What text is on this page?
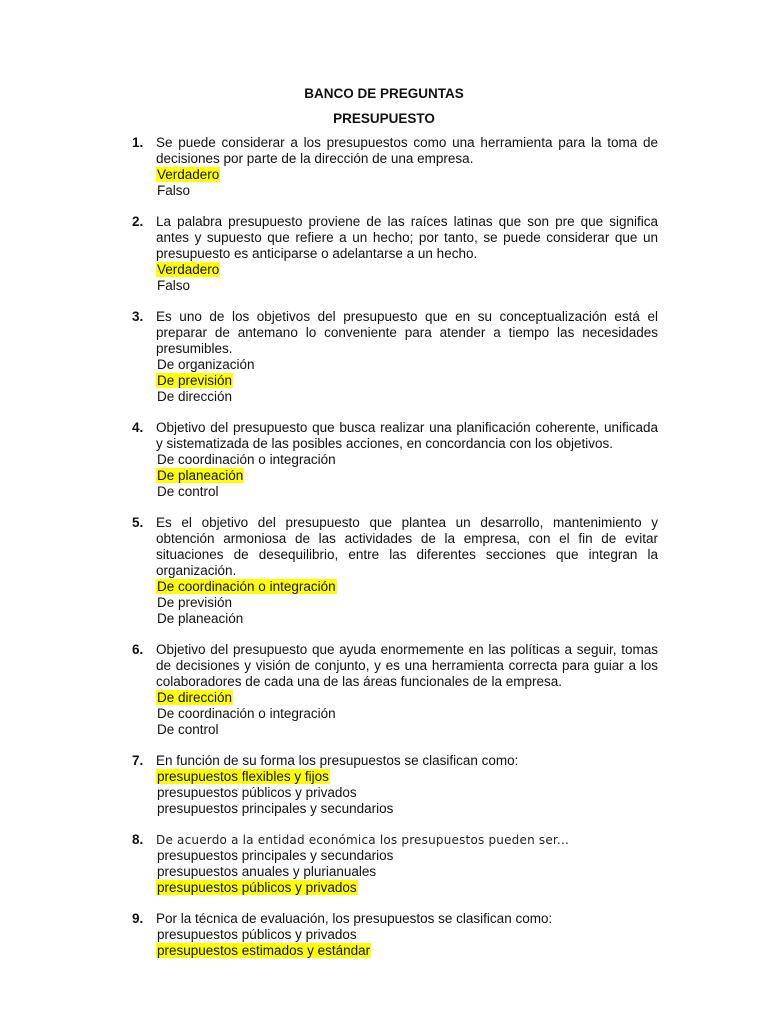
BANCO DE PREGUNTAS
PRESUPUESTO
1. Se puede considerar a los presupuestos como una herramienta para la toma de decisiones por parte de la dirección de una empresa.
Verdadero
Falso
2. La palabra presupuesto proviene de las raíces latinas que son pre que significa antes y supuesto que refiere a un hecho; por tanto, se puede considerar que un presupuesto es anticiparse o adelantarse a un hecho.
Verdadero
Falso
3. Es uno de los objetivos del presupuesto que en su conceptualización está el preparar de antemano lo conveniente para atender a tiempo las necesidades presumibles.
De organización
De previsión
De dirección
4. Objetivo del presupuesto que busca realizar una planificación coherente, unificada y sistematizada de las posibles acciones, en concordancia con los objetivos.
De coordinación o integración
De planeación
De control
5. Es el objetivo del presupuesto que plantea un desarrollo, mantenimiento y obtención armoniosa de las actividades de la empresa, con el fin de evitar situaciones de desequilibrio, entre las diferentes secciones que integran la organización.
De coordinación o integración
De previsión
De planeación
6. Objetivo del presupuesto que ayuda enormemente en las políticas a seguir, tomas de decisiones y visión de conjunto, y es una herramienta correcta para guiar a los colaboradores de cada una de las áreas funcionales de la empresa.
De dirección
De coordinación o integración
De control
7. En función de su forma los presupuestos se clasifican como:
presupuestos flexibles y fijos
presupuestos públicos y privados
presupuestos principales y secundarios
8. De acuerdo a la entidad económica los presupuestos pueden ser...
presupuestos principales y secundarios
presupuestos anuales y plurianuales
presupuestos públicos y privados
9. Por la técnica de evaluación, los presupuestos se clasifican como:
presupuestos públicos y privados
presupuestos estimados y estándar
